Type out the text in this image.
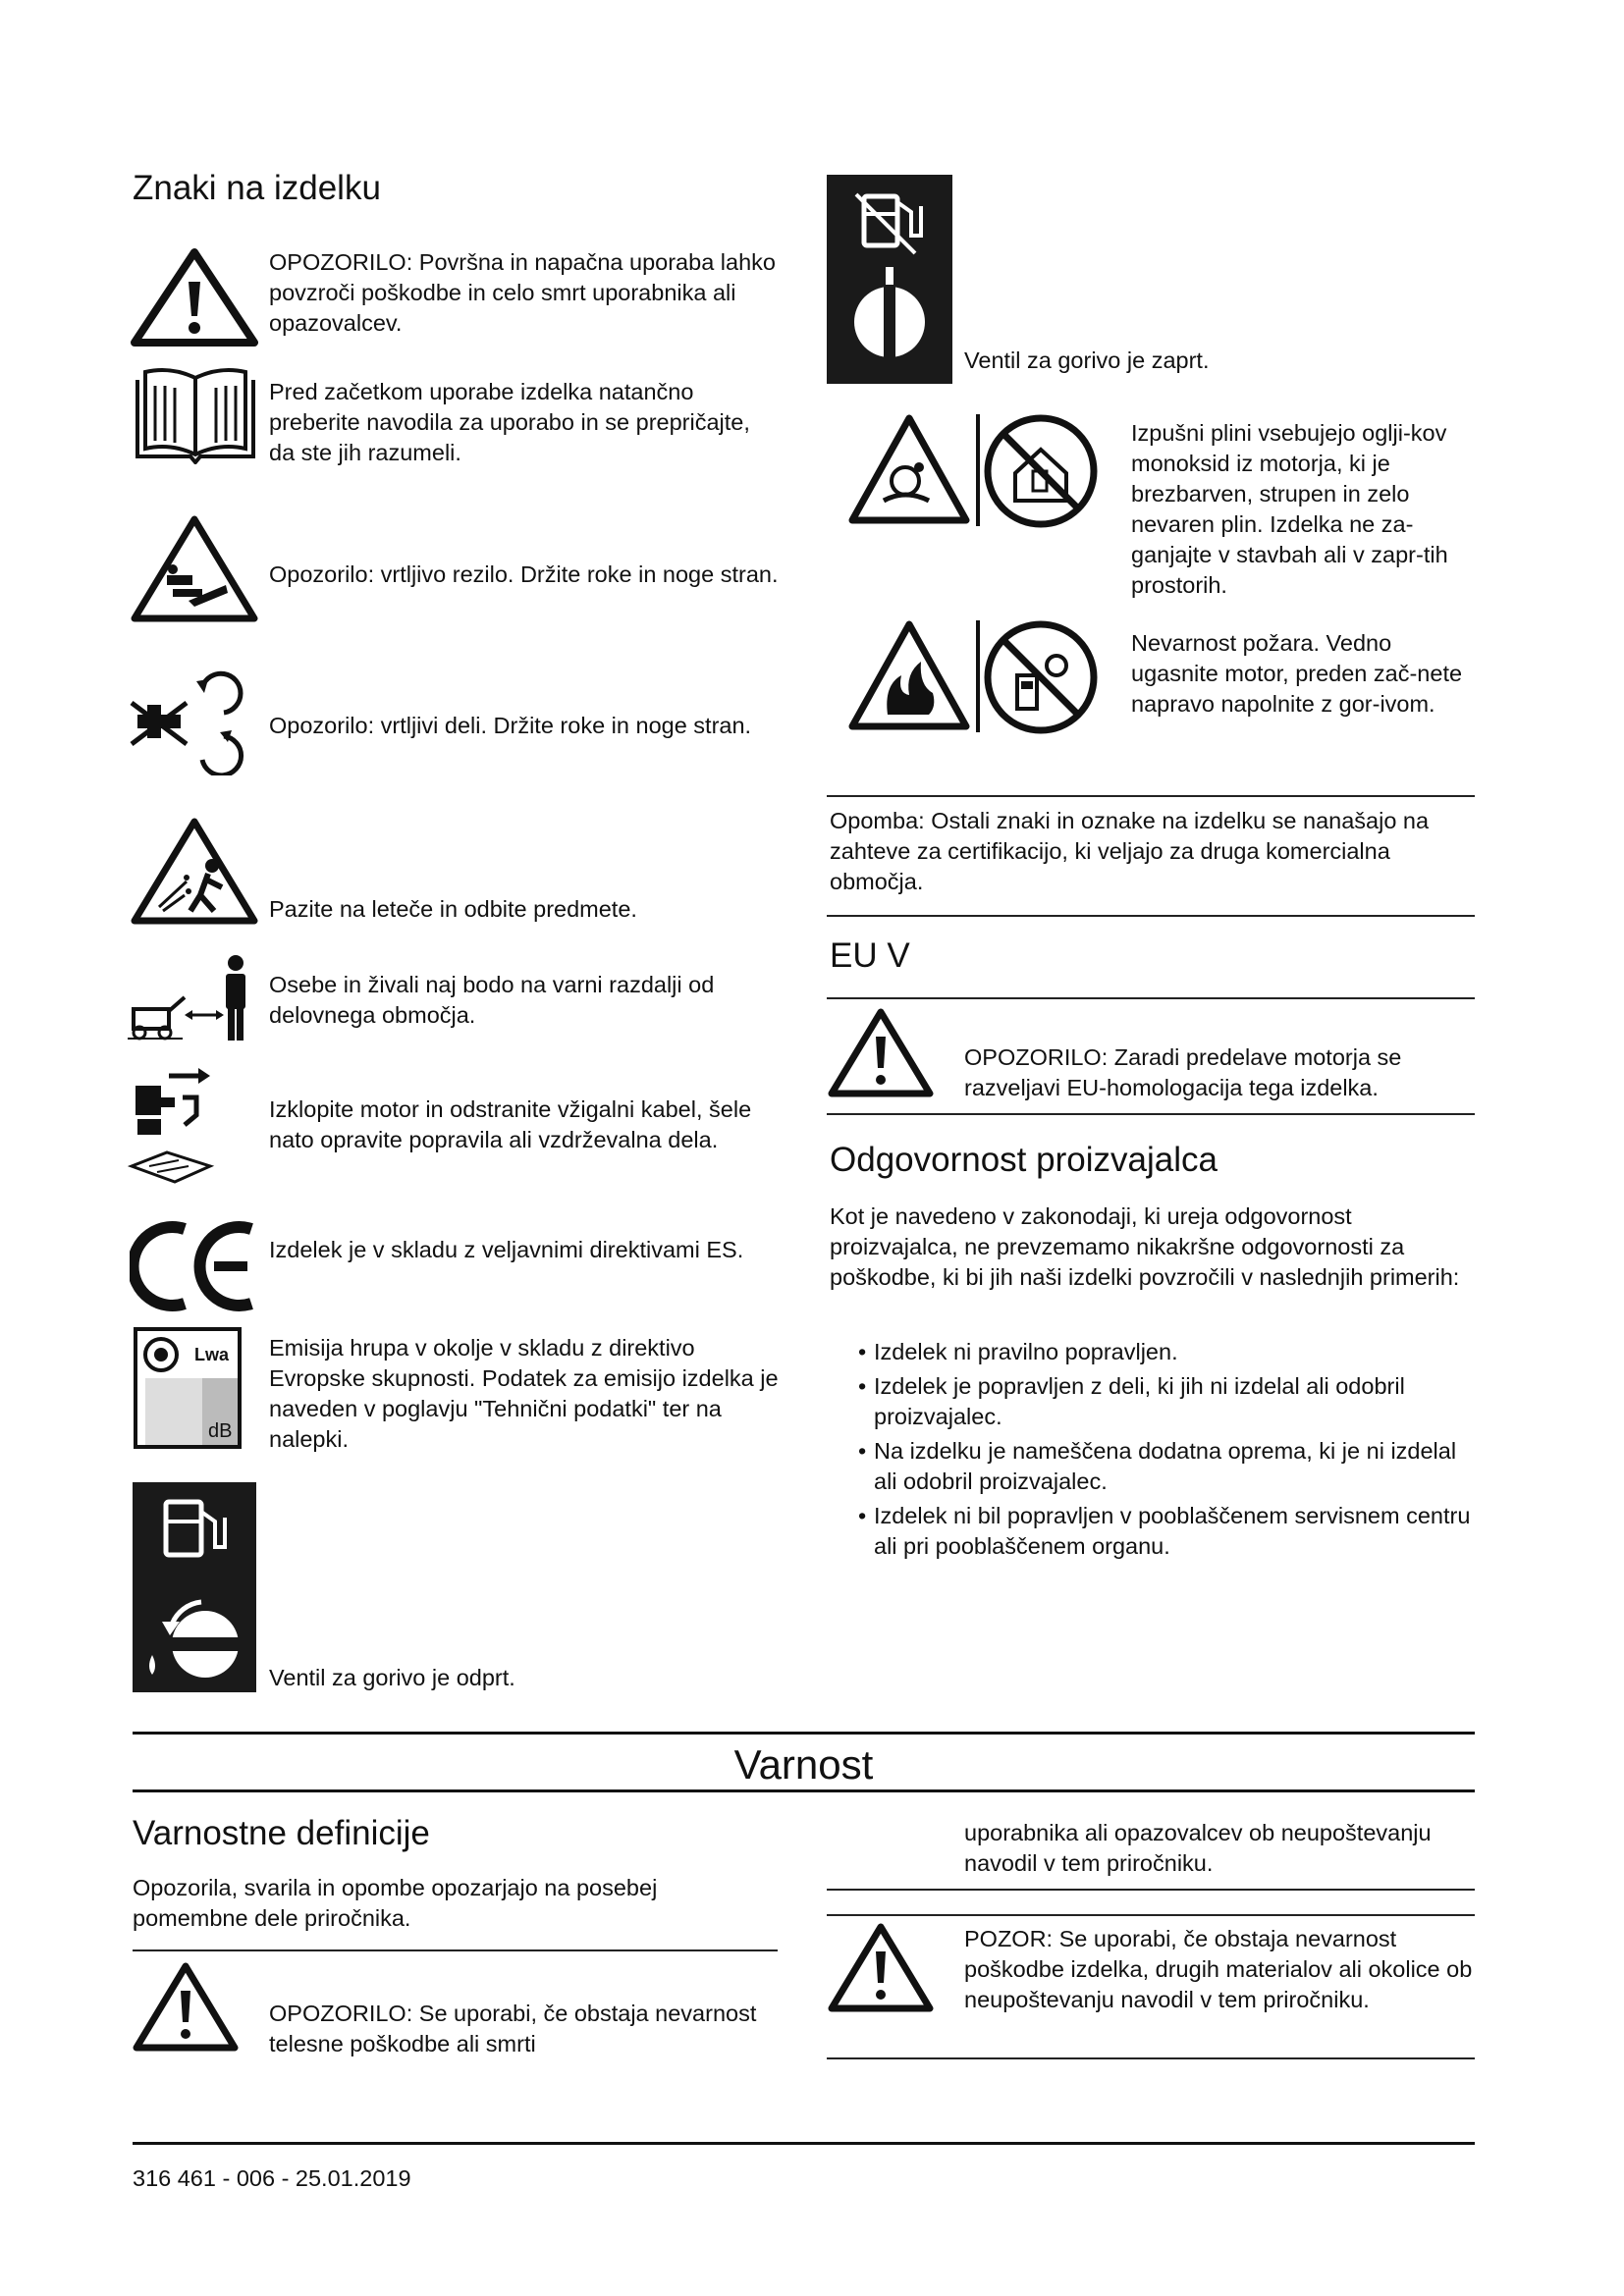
Znaki na izdelku

OPOZORILO: Površna in napačna uporaba lahko povzroči poškodbe in celo smrt uporabnika ali opazovalcev.

Pred začetkom uporabe izdelka natančno preberite navodila za uporabo in se prepričajte, da ste jih razumeli.

Opozorilo: vrtljivo rezilo. Držite roke in noge stran.

Opozorilo: vrtljivi deli. Držite roke in noge stran.

Pazite na leteče in odbite predmete.

Osebe in živali naj bodo na varni razdalji od delovnega območja.

Izklopite motor in odstranite vžigalni kabel, šele nato opravite popravila ali vzdrževalna dela.

Izdelek je v skladu z veljavnimi direktivami ES.

Lwa
dB

Emisija hrupa v okolje v skladu z direktivo Evropske skupnosti. Podatek za emisijo izdelka je naveden v poglavju "Tehnični podatki" ter na nalepki.

Ventil za gorivo je odprt.

Ventil za gorivo je zaprt.

Izpušni plini vsebujejo oglji-kov monoksid iz motorja, ki je brezbarven, strupen in zelo nevaren plin. Izdelka ne za-ganjajte v stavbah ali v zapr-tih prostorih.

Nevarnost požara. Vedno ugasnite motor, preden zač-nete napravo napolnite z gor-ivom.

Opomba: Ostali znaki in oznake na izdelku se nanašajo na zahteve za certifikacijo, ki veljajo za druga komercialna območja.

EU V

OPOZORILO: Zaradi predelave motorja se razveljavi EU-homologacija tega izdelka.

Odgovornost proizvajalca

Kot je navedeno v zakonodaji, ki ureja odgovornost proizvajalca, ne prevzemamo nikakršne odgovornosti za poškodbe, ki bi jih naši izdelki povzročili v naslednjih primerih:

• Izdelek ni pravilno popravljen.
• Izdelek je popravljen z deli, ki jih ni izdelal ali odobril proizvajalec.
• Na izdelku je nameščena dodatna oprema, ki je ni izdelal ali odobril proizvajalec.
• Izdelek ni bil popravljen v pooblaščenem servisnem centru ali pri pooblaščenem organu.
Varnost
Varnostne definicije

Opozorila, svarila in opombe opozarjajo na posebej pomembne dele priročnika.

OPOZORILO: Se uporabi, če obstaja nevarnost telesne poškodbe ali smrti

uporabnika ali opazovalcev ob neupoštevanju navodil v tem priročniku.

POZOR: Se uporabi, če obstaja nevarnost poškodbe izdelka, drugih materialov ali okolice ob neupoštevanju navodil v tem priročniku.

316 461 - 006 - 25.01.2019
